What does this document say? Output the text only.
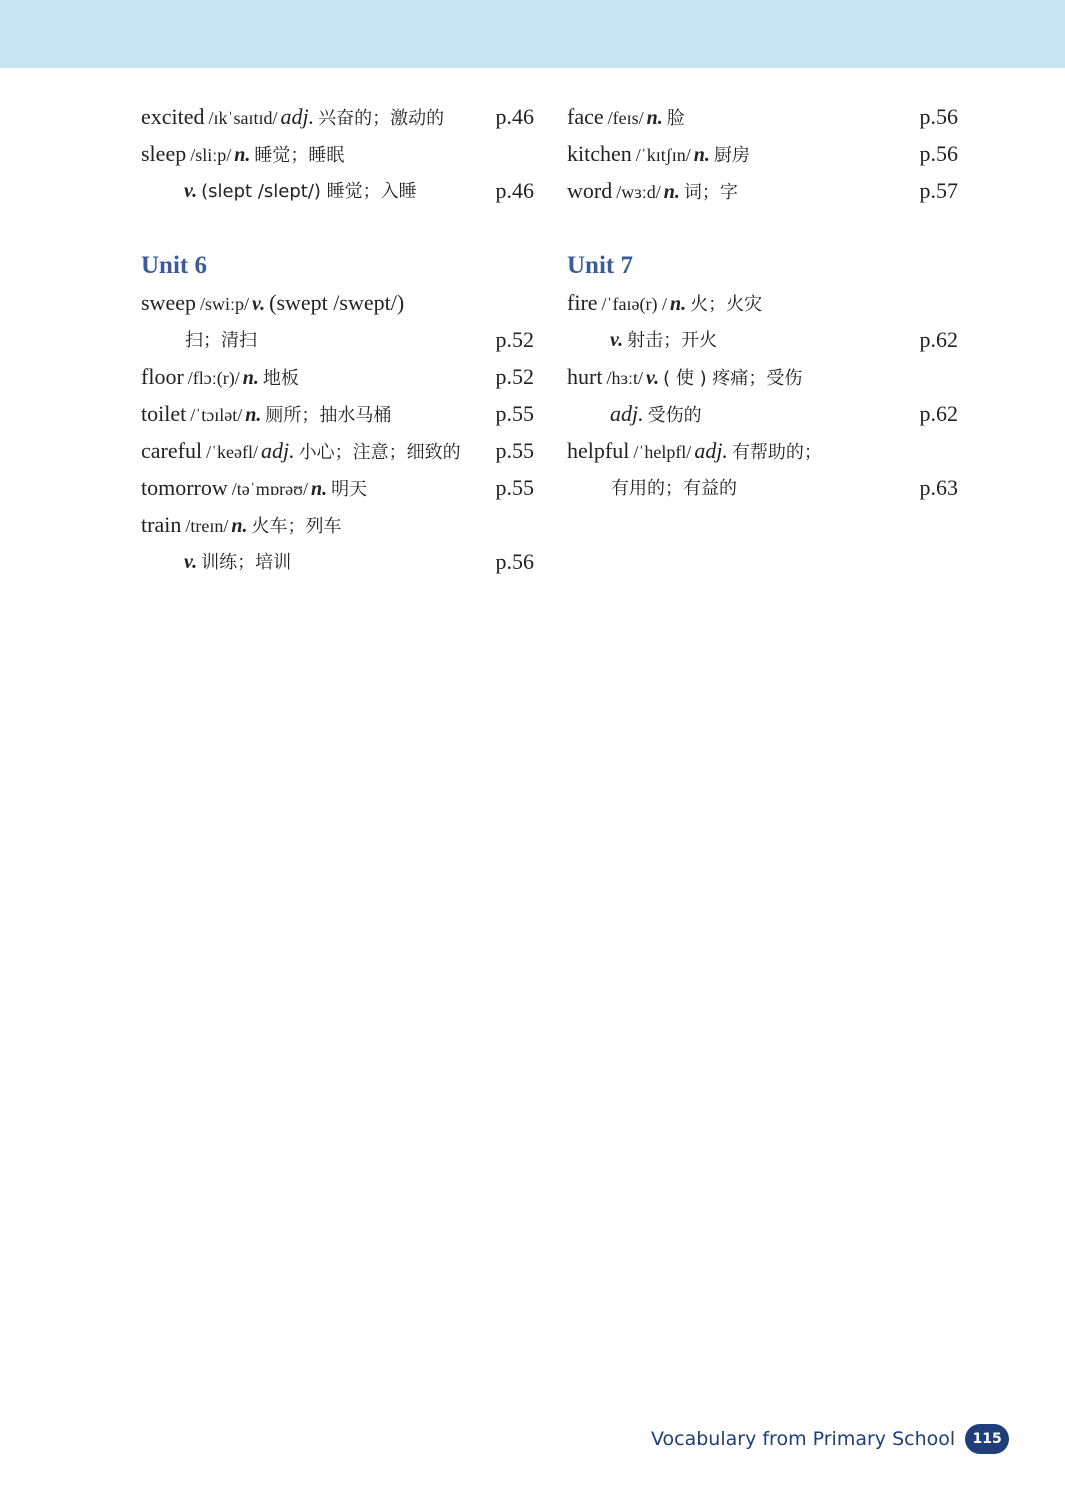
excited /ɪkˈsaɪtɪd/ adj. 兴奋的；激动的 p.46
sleep /sliːp/ n. 睡觉；睡眠
v. (slept /slept/) 睡觉；入睡	p.46
Unit 6
sweep /swiːp/ v. (swept /swept/)
扫；清扫	p.52
floor /flɔː(r)/ n. 地板	p.52
toilet /ˈtɔɪlət/ n. 厕所；抽水马桶	p.55
careful /ˈkeəfl/ adj. 小心；注意；细致的 p.55
tomorrow /təˈmɒrəʊ/ n. 明天	p.55
train /treɪn/ n. 火车；列车
v. 训练；培训	p.56
face /feɪs/ n. 脸	p.56
kitchen /ˈkɪtʃɪn/ n. 厨房	p.56
word /wɜːd/ n. 词；字	p.57
Unit 7
fire /ˈfaɪə(r) / n. 火；火灾
v. 射击；开火	p.62
hurt /hɜːt/ v. ( 使 ) 疼痛；受伤
adj. 受伤的	p.62
helpful /ˈhelpfl/ adj. 有帮助的；
有用的；有益的	p.63
Vocabulary from Primary School	115
